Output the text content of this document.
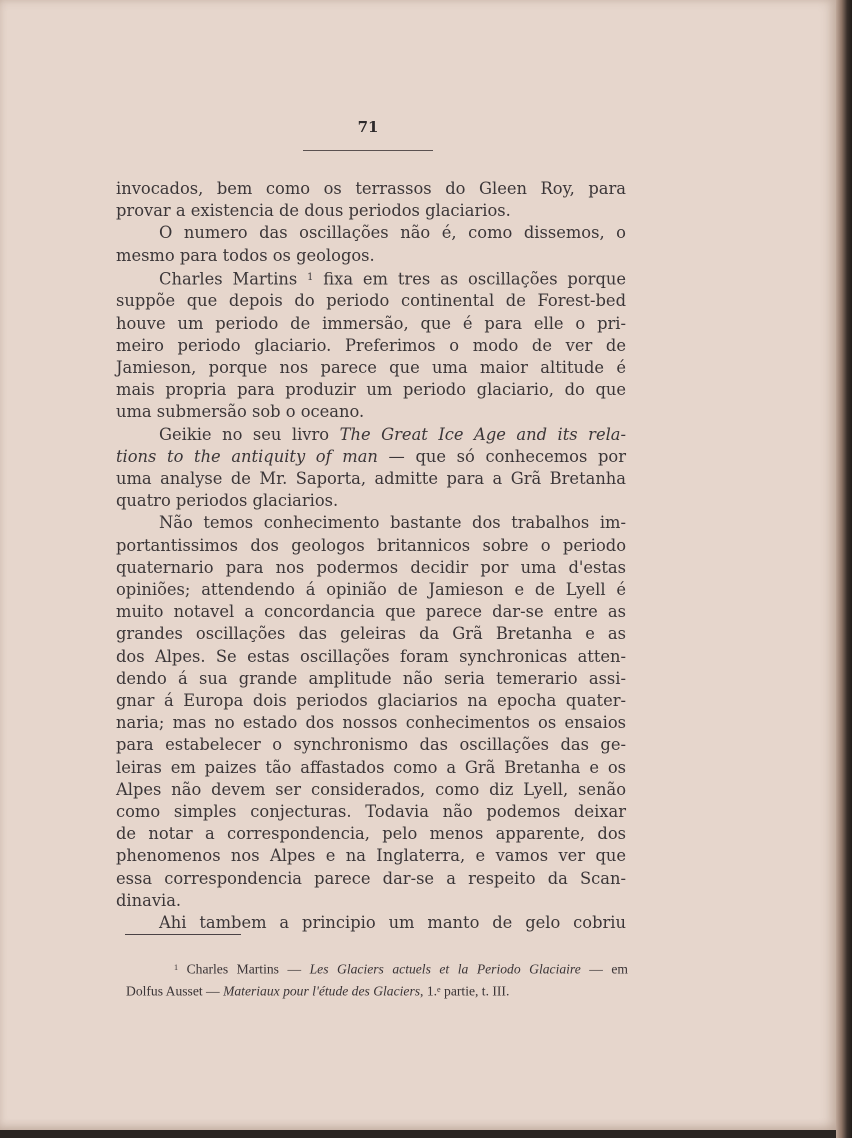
71
invocados, bem como os terrassos do Gleen Roy, para
provar a existencia de dous periodos glaciarios.
O numero das oscillações não é, como dissemos, o
mesmo para todos os geologos.
Charles Martins $^1$ fixa em tres as oscillações porque
suppõe que depois do periodo continental de Forest-bed
houve um periodo de immersão, que é para elle o pri-
meiro periodo glaciario. Preferimos o modo de ver de
Jamieson, porque nos parece que uma maior altitude é
mais propria para produzir um periodo glaciario, do que
uma submersão sob o oceano.
Geikie no seu livro The Great Ice Age and its rela-
tions to the antiquity of man — que só conhecemos por
uma analyse de Mr. Saporta, admitte para a Grã Bretanha
quatro periodos glaciarios.
Não temos conhecimento bastante dos trabalhos im-
portantissimos dos geologos britannicos sobre o periodo
quaternario para nos podermos decidir por uma d'estas
opiniões; attendendo á opinião de Jamieson e de Lyell é
muito notavel a concordancia que parece dar-se entre as
grandes oscillações das geleiras da Grã Bretanha e as
dos Alpes. Se estas oscillações foram synchronicas atten-
dendo á sua grande amplitude não seria temerario assi-
gnar á Europa dois periodos glaciarios na epocha quater-
naria; mas no estado dos nossos conhecimentos os ensaios
para estabelecer o synchronismo das oscillações das ge-
leiras em paizes tão affastados como a Grã Bretanha e os
Alpes não devem ser considerados, como diz Lyell, senão
como simples conjecturas. Todavia não podemos deixar
de notar a correspondencia, pelo menos apparente, dos
phenomenos nos Alpes e na Inglaterra, e vamos ver que
essa correspondencia parece dar-se a respeito da Scan-
dinavia.
Ahi tambem a principio um manto de gelo cobriu
$^1$ Charles Martins — Les Glaciers actuels et la Periodo Glaciaire — em
Dolfus Ausset — Materiaux pour l'étude des Glaciers, 1.$^e$ partie, t. III.
